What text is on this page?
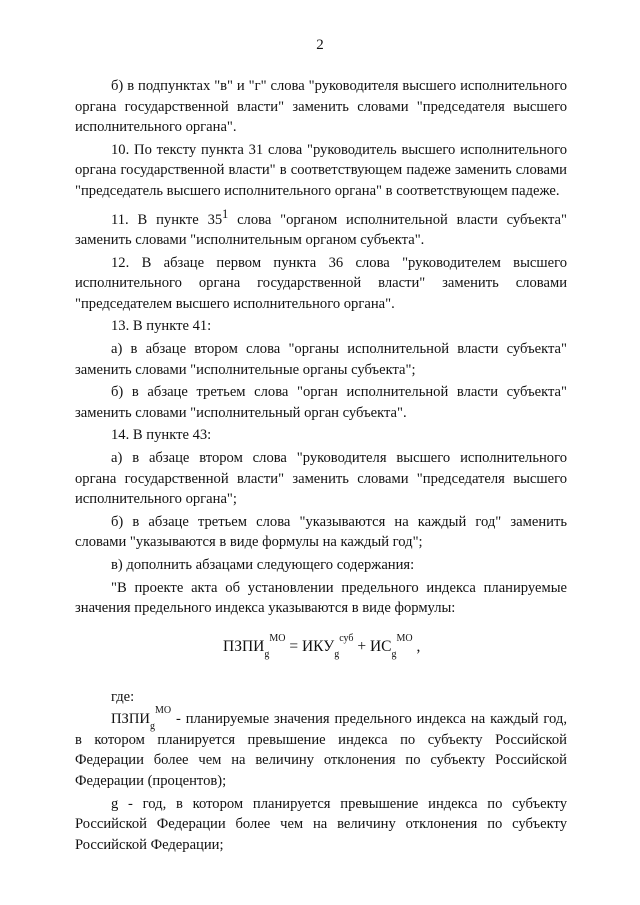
2

б) в подпунктах "в" и "г" слова "руководителя высшего исполнительного органа государственной власти" заменить словами "председателя высшего исполнительного органа".

10. По тексту пункта 31 слова "руководитель высшего исполнительного органа государственной власти" в соответствующем падеже заменить словами "председатель высшего исполнительного органа" в соответствующем падеже.

11. В пункте $35^1$ слова "органом исполнительной власти субъекта" заменить словами "исполнительным органом субъекта".

12. В абзаце первом пункта 36 слова "руководителем высшего исполнительного органа государственной власти" заменить словами "председателем высшего исполнительного органа".

13. В пункте 41:

а) в абзаце втором слова "органы исполнительной власти субъекта" заменить словами "исполнительные органы субъекта";

б) в абзаце третьем слова "орган исполнительной власти субъекта" заменить словами "исполнительный орган субъекта".

14. В пункте 43:

а) в абзаце втором слова "руководителя высшего исполнительного органа государственной власти" заменить словами "председателя высшего исполнительного органа";

б) в абзаце третьем слова "указываются на каждый год" заменить словами "указываются в виде формулы на каждый год";

в) дополнить абзацами следующего содержания:

"В проекте акта об установлении предельного индекса планируемые значения предельного индекса указываются в виде формулы:

$ПЗПИ_g^{МО} = ИКУ_g^{суб} + ИС_g^{МО}$ ,

где:

$ПЗПИ_g^{МО}$ - планируемые значения предельного индекса на каждый год, в котором планируется превышение индекса по субъекту Российской Федерации более чем на величину отклонения по субъекту Российской Федерации (процентов);

g - год, в котором планируется превышение индекса по субъекту Российской Федерации более чем на величину отклонения по субъекту Российской Федерации;
